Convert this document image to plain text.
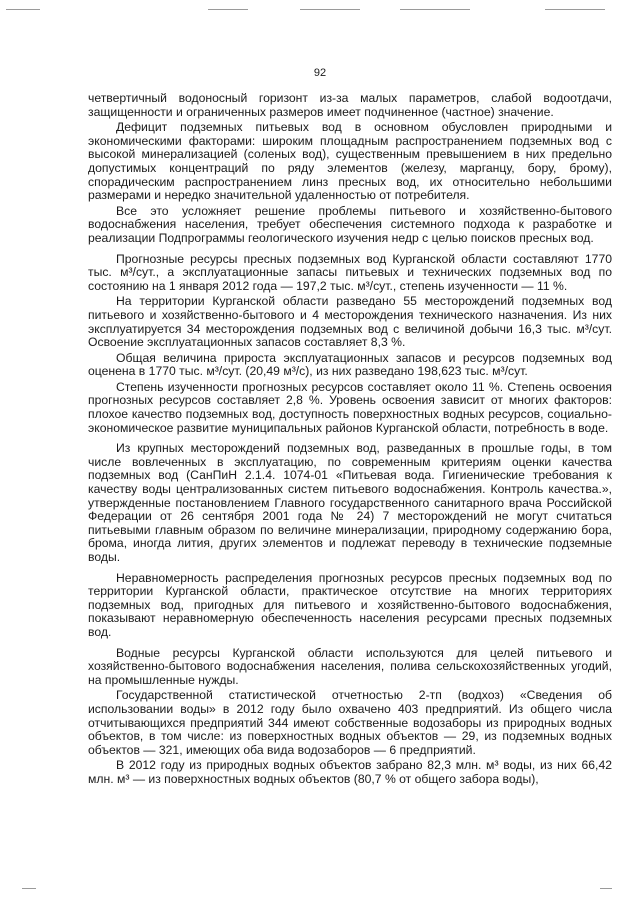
92

четвертичный водоносный горизонт из-за малых параметров, слабой водоотдачи, защищенности и ограниченных размеров имеет подчиненное (частное) значение.

Дефицит подземных питьевых вод в основном обусловлен природными и экономическими факторами: широким площадным распространением подземных вод с высокой минерализацией (соленых вод), существенным превышением в них предельно допустимых концентраций по ряду элементов (железу, марганцу, бору, брому), спорадическим распространением линз пресных вод, их относительно небольшими размерами и нередко значительной удаленностью от потребителя.

Все это усложняет решение проблемы питьевого и хозяйственно-бытового водоснабжения населения, требует обеспечения системного подхода к разработке и реализации Подпрограммы геологического изучения недр с целью поисков пресных вод.

Прогнозные ресурсы пресных подземных вод Курганской области составляют 1770 тыс. м³/сут., а эксплуатационные запасы питьевых и технических подземных вод по состоянию на 1 января 2012 года — 197,2 тыс. м³/сут., степень изученности — 11 %.

На территории Курганской области разведано 55 месторождений подземных вод питьевого и хозяйственно-бытового и 4 месторождения технического назначения. Из них эксплуатируется 34 месторождения подземных вод с величиной добычи 16,3 тыс. м³/сут. Освоение эксплуатационных запасов составляет 8,3 %.

Общая величина прироста эксплуатационных запасов и ресурсов подземных вод оценена в 1770 тыс. м³/сут. (20,49 м³/с), из них разведано 198,623 тыс. м³/сут.

Степень изученности прогнозных ресурсов составляет около 11 %. Степень освоения прогнозных ресурсов составляет 2,8 %. Уровень освоения зависит от многих факторов: плохое качество подземных вод, доступность поверхностных водных ресурсов, социально-экономическое развитие муниципальных районов Курганской области, потребность в воде.

Из крупных месторождений подземных вод, разведанных в прошлые годы, в том числе вовлеченных в эксплуатацию, по современным критериям оценки качества подземных вод (СанПиН 2.1.4. 1074-01 «Питьевая вода. Гигиенические требования к качеству воды централизованных систем питьевого водоснабжения. Контроль качества.», утвержденные постановлением Главного государственного санитарного врача Российской Федерации от 26 сентября 2001 года № 24) 7 месторождений не могут считаться питьевыми главным образом по величине минерализации, природному содержанию бора, брома, иногда лития, других элементов и подлежат переводу в технические подземные воды.

Неравномерность распределения прогнозных ресурсов пресных подземных вод по территории Курганской области, практическое отсутствие на многих территориях подземных вод, пригодных для питьевого и хозяйственно-бытового водоснабжения, показывают неравномерную обеспеченность населения ресурсами пресных подземных вод.

Водные ресурсы Курганской области используются для целей питьевого и хозяйственно-бытового водоснабжения населения, полива сельскохозяйственных угодий, на промышленные нужды.

Государственной статистической отчетностью 2-тп (водхоз) «Сведения об использовании воды» в 2012 году было охвачено 403 предприятий. Из общего числа отчитывающихся предприятий 344 имеют собственные водозаборы из природных водных объектов, в том числе: из поверхностных водных объектов — 29, из подземных водных объектов — 321, имеющих оба вида водозаборов — 6 предприятий.

В 2012 году из природных водных объектов забрано 82,3 млн. м³ воды, из них 66,42 млн. м³ — из поверхностных водных объектов (80,7 % от общего забора воды),
